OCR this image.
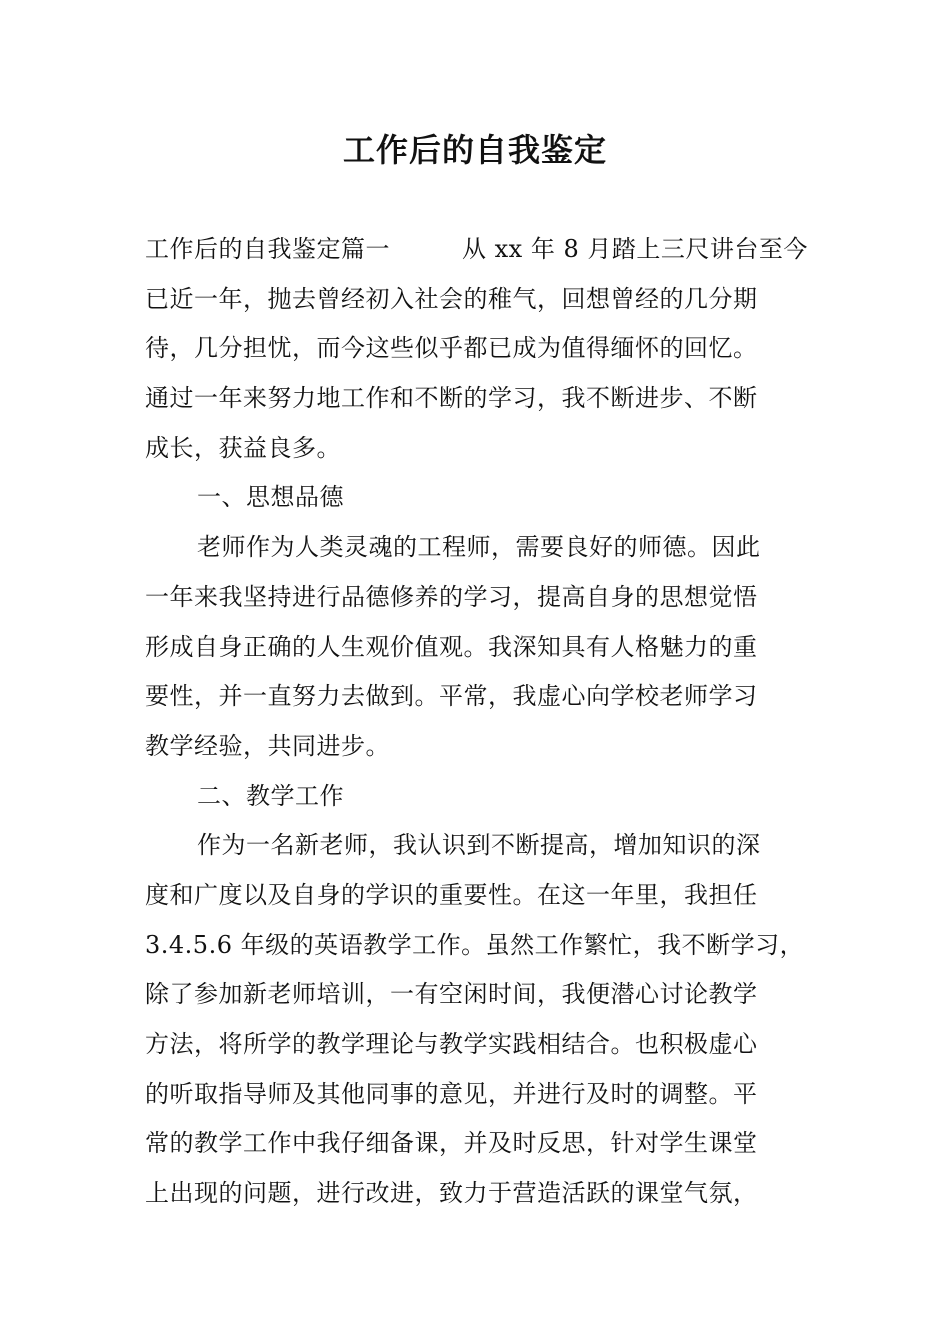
工作后的自我鉴定
工作后的自我鉴定篇一	从 xx 年 8 月踏上三尺讲台至今
已近一年，抛去曾经初入社会的稚气，回想曾经的几分期
待，几分担忧，而今这些似乎都已成为值得缅怀的回忆。
通过一年来努力地工作和不断的学习，我不断进步、不断
成长，获益良多。
一、思想品德
老师作为人类灵魂的工程师，需要良好的师德。因此
一年来我坚持进行品德修养的学习，提高自身的思想觉悟
形成自身正确的人生观价值观。我深知具有人格魅力的重
要性，并一直努力去做到。平常，我虚心向学校老师学习
教学经验，共同进步。
二、教学工作
作为一名新老师，我认识到不断提高，增加知识的深
度和广度以及自身的学识的重要性。在这一年里，我担任
3.4.5.6 年级的英语教学工作。虽然工作繁忙，我不断学习，
除了参加新老师培训，一有空闲时间，我便潜心讨论教学
方法，将所学的教学理论与教学实践相结合。也积极虚心
的听取指导师及其他同事的意见，并进行及时的调整。平
常的教学工作中我仔细备课，并及时反思，针对学生课堂
上出现的问题，进行改进，致力于营造活跃的课堂气氛，
